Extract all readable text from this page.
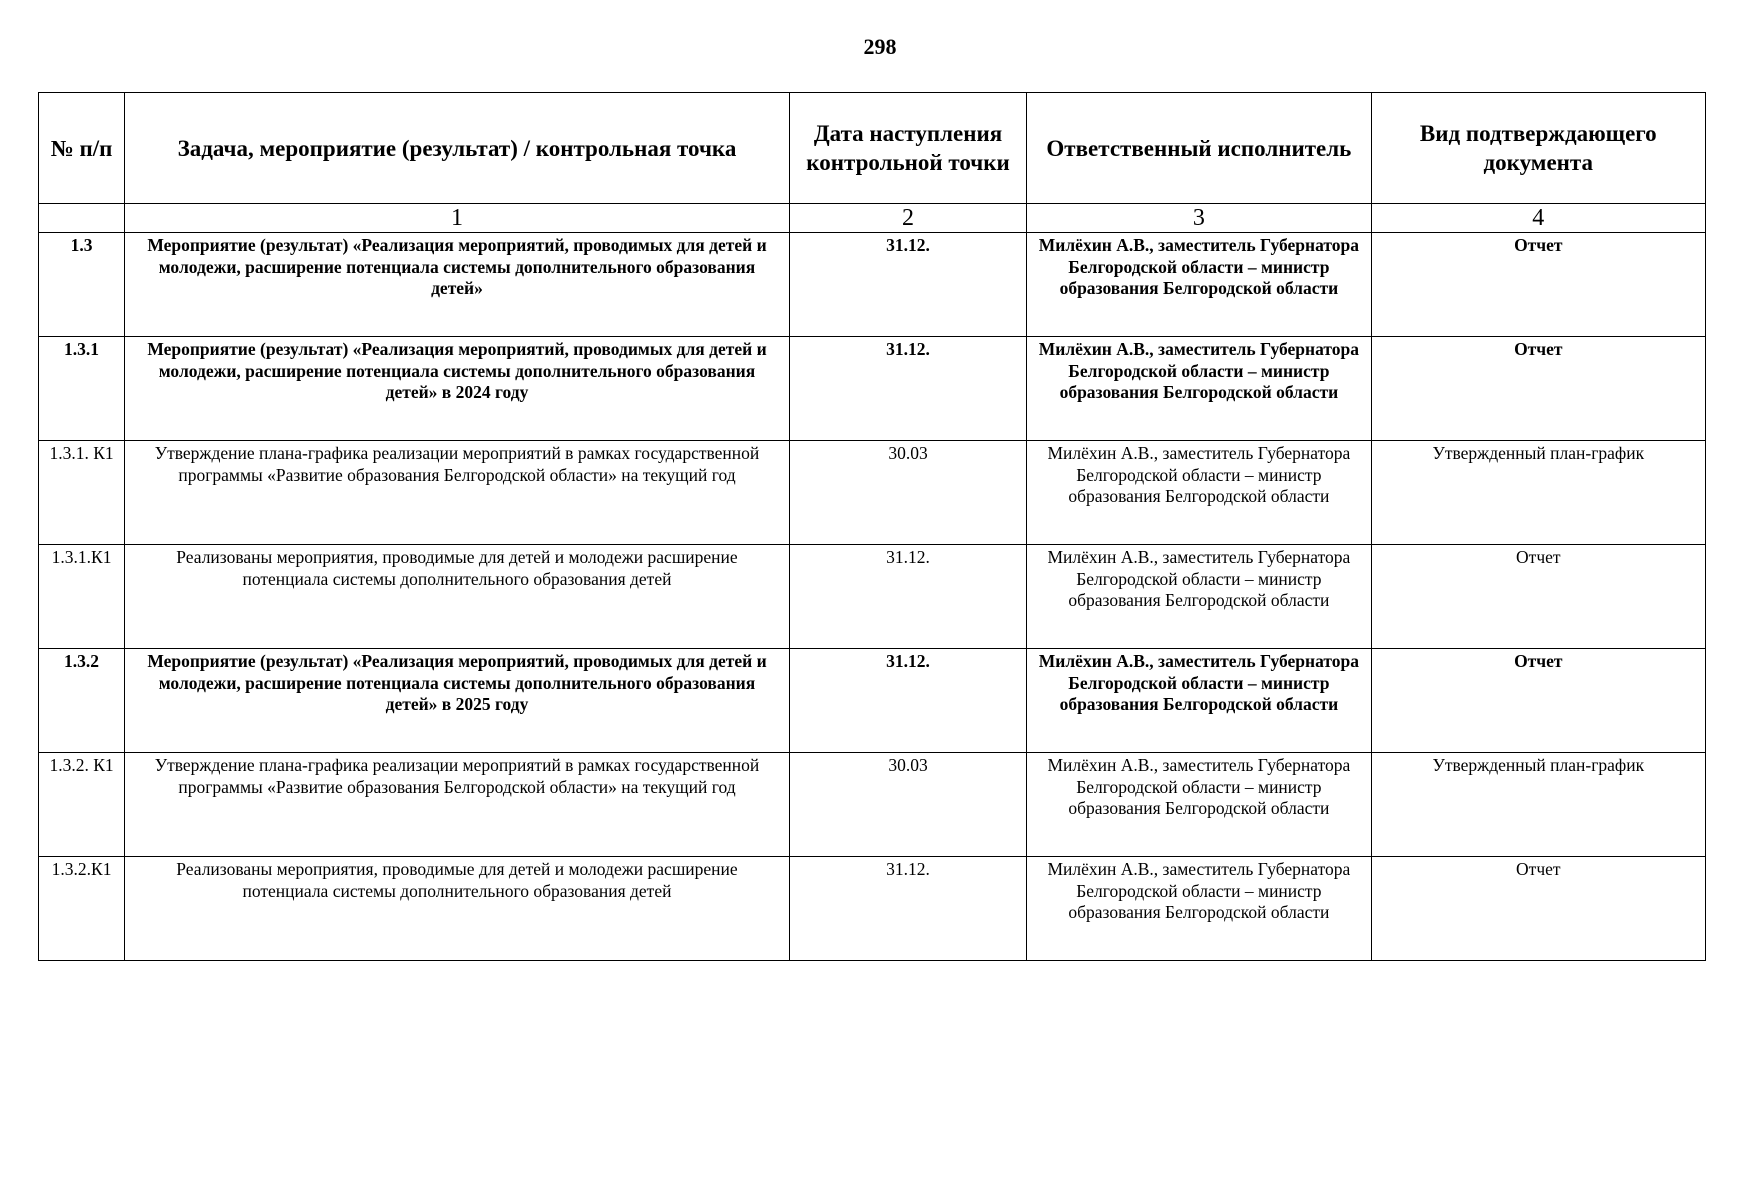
298
№ п/п	Задача, мероприятие (результат) / контрольная точка	Дата наступления контрольной точки	Ответственный исполнитель	Вид подтверждающего документа
	1	2	3	4
1.3	Мероприятие (результат) «Реализация мероприятий, проводимых для детей и молодежи, расширение потенциала системы дополнительного образования детей»	31.12.	Милёхин А.В., заместитель Губернатора Белгородской области – министр образования Белгородской области	Отчет
1.3.1	Мероприятие (результат) «Реализация мероприятий, проводимых для детей и молодежи, расширение потенциала системы дополнительного образования детей» в 2024 году	31.12.	Милёхин А.В., заместитель Губернатора Белгородской области – министр образования Белгородской области	Отчет
1.3.1. К1	Утверждение плана-графика реализации мероприятий в рамках государственной программы «Развитие образования Белгородской области» на текущий год	30.03	Милёхин А.В., заместитель Губернатора Белгородской области – министр образования Белгородской области	Утвержденный план-график
1.3.1.К1	Реализованы мероприятия, проводимые для детей и молодежи расширение потенциала системы дополнительного образования детей	31.12.	Милёхин А.В., заместитель Губернатора Белгородской области – министр образования Белгородской области	Отчет
1.3.2	Мероприятие (результат) «Реализация мероприятий, проводимых для детей и молодежи, расширение потенциала системы дополнительного образования детей» в 2025 году	31.12.	Милёхин А.В., заместитель Губернатора Белгородской области – министр образования Белгородской области	Отчет
1.3.2. К1	Утверждение плана-графика реализации мероприятий в рамках государственной программы «Развитие образования Белгородской области» на текущий год	30.03	Милёхин А.В., заместитель Губернатора Белгородской области – министр образования Белгородской области	Утвержденный план-график
1.3.2.К1	Реализованы мероприятия, проводимые для детей и молодежи расширение потенциала системы дополнительного образования детей	31.12.	Милёхин А.В., заместитель Губернатора Белгородской области – министр образования Белгородской области	Отчет
